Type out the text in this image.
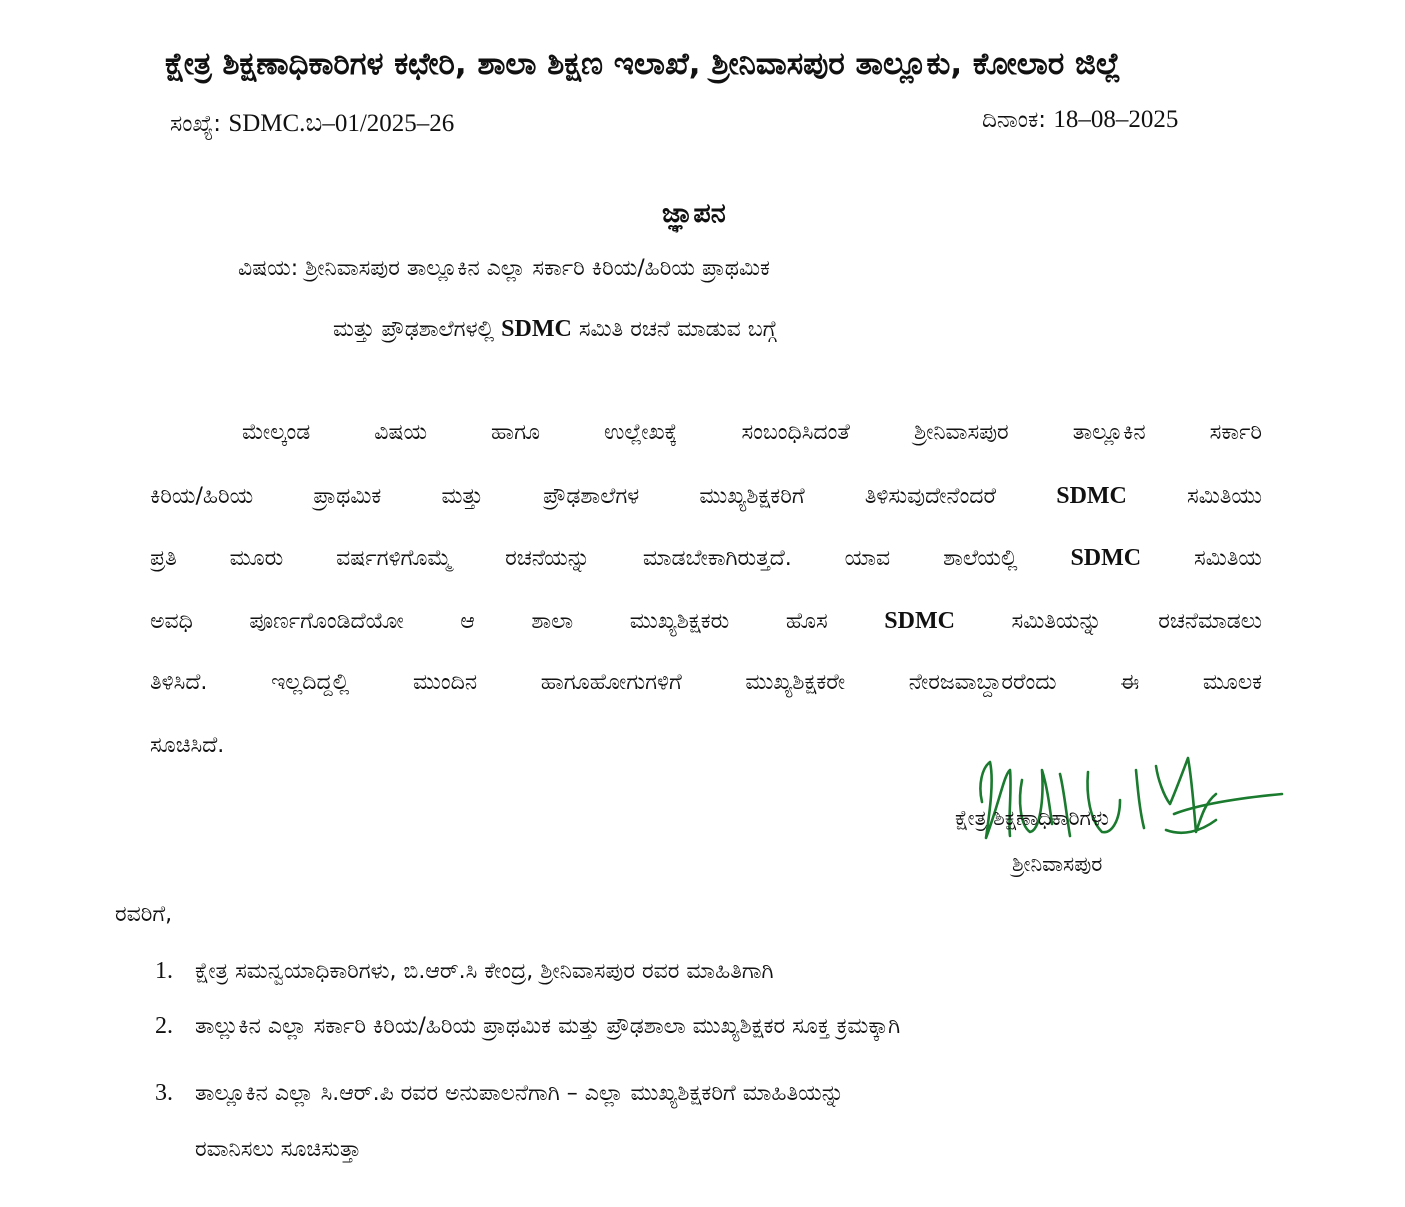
ಕ್ಷೇತ್ರ ಶಿಕ್ಷಣಾಧಿಕಾರಿಗಳ ಕಛೇರಿ, ಶಾಲಾ ಶಿಕ್ಷಣ ಇಲಾಖೆ, ಶ್ರೀನಿವಾಸಪುರ ತಾಲ್ಲೂಕು, ಕೋಲಾರ ಜಿಲ್ಲೆ
ಸಂಖ್ಯೆ: SDMC.ಬ–01/2025–26	ದಿನಾಂಕ: 18–08–2025
ಜ್ಞಾಪನ
ವಿಷಯ: ಶ್ರೀನಿವಾಸಪುರ ತಾಲ್ಲೂಕಿನ ಎಲ್ಲಾ ಸರ್ಕಾರಿ ಕಿರಿಯ/ಹಿರಿಯ ಪ್ರಾಥಮಿಕ
ಮತ್ತು ಪ್ರೌಢಶಾಲೆಗಳಲ್ಲಿ SDMC ಸಮಿತಿ ರಚನೆ ಮಾಡುವ ಬಗ್ಗೆ
ಮೇಲ್ಕಂಡ ವಿಷಯ ಹಾಗೂ ಉಲ್ಲೇಖಕ್ಕೆ ಸಂಬಂಧಿಸಿದಂತೆ ಶ್ರೀನಿವಾಸಪುರ ತಾಲ್ಲೂಕಿನ ಸರ್ಕಾರಿ
ಕಿರಿಯ/ಹಿರಿಯ ಪ್ರಾಥಮಿಕ ಮತ್ತು ಪ್ರೌಢಶಾಲೆಗಳ ಮುಖ್ಯಶಿಕ್ಷಕರಿಗೆ ತಿಳಿಸುವುದೇನೆಂದರೆ SDMC ಸಮಿತಿಯು
ಪ್ರತಿ ಮೂರು ವರ್ಷಗಳಿಗೊಮ್ಮೆ ರಚನೆಯನ್ನು ಮಾಡಬೇಕಾಗಿರುತ್ತದೆ. ಯಾವ ಶಾಲೆಯಲ್ಲಿ SDMC ಸಮಿತಿಯ
ಅವಧಿ ಪೂರ್ಣಗೊಂಡಿದೆಯೋ ಆ ಶಾಲಾ ಮುಖ್ಯಶಿಕ್ಷಕರು ಹೊಸ SDMC ಸಮಿತಿಯನ್ನು ರಚನೆಮಾಡಲು
ತಿಳಿಸಿದೆ. ಇಲ್ಲದಿದ್ದಲ್ಲಿ ಮುಂದಿನ ಹಾಗೂಹೋಗುಗಳಿಗೆ ಮುಖ್ಯಶಿಕ್ಷಕರೇ ನೇರಜವಾಬ್ದಾರರೆಂದು ಈ ಮೂಲಕ
ಸೂಚಿಸಿದೆ.
ಕ್ಷೇತ್ರ ಶಿಕ್ಷಣಾಧಿಕಾರಿಗಳು
ಶ್ರೀನಿವಾಸಪುರ
ರವರಿಗೆ,
1. ಕ್ಷೇತ್ರ ಸಮನ್ವಯಾಧಿಕಾರಿಗಳು, ಬಿ.ಆರ್.ಸಿ ಕೇಂದ್ರ, ಶ್ರೀನಿವಾಸಪುರ ರವರ ಮಾಹಿತಿಗಾಗಿ
2. ತಾಲ್ಲುಕಿನ ಎಲ್ಲಾ ಸರ್ಕಾರಿ ಕಿರಿಯ/ಹಿರಿಯ ಪ್ರಾಥಮಿಕ ಮತ್ತು ಪ್ರೌಢಶಾಲಾ ಮುಖ್ಯಶಿಕ್ಷಕರ ಸೂಕ್ತ ಕ್ರಮಕ್ಕಾಗಿ
3. ತಾಲ್ಲೂಕಿನ ಎಲ್ಲಾ ಸಿ.ಆರ್.ಪಿ ರವರ ಅನುಪಾಲನೆಗಾಗಿ – ಎಲ್ಲಾ ಮುಖ್ಯಶಿಕ್ಷಕರಿಗೆ ಮಾಹಿತಿಯನ್ನು
ರವಾನಿಸಲು ಸೂಚಿಸುತ್ತಾ
